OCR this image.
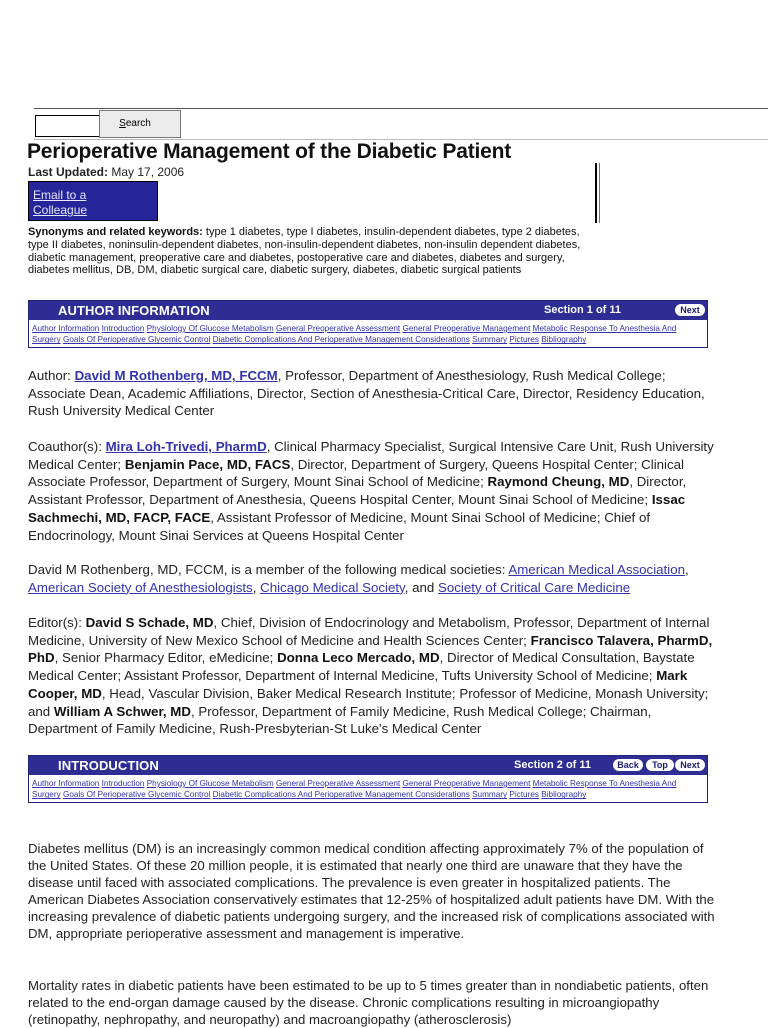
Search
Perioperative Management of the Diabetic Patient
Last Updated: May 17, 2006
Email to a Colleague
Synonyms and related keywords: type 1 diabetes, type I diabetes, insulin-dependent diabetes, type 2 diabetes, type II diabetes, noninsulin-dependent diabetes, non-insulin-dependent diabetes, non-insulin dependent diabetes, diabetic management, preoperative care and diabetes, postoperative care and diabetes, diabetes and surgery, diabetes mellitus, DB, DM, diabetic surgical care, diabetic surgery, diabetes, diabetic surgical patients
AUTHOR INFORMATION	Section 1 of 11	Next
Author Information Introduction Physiology Of Glucose Metabolism General Preoperative Assessment General Preoperative Management Metabolic Response To Anesthesia And Surgery Goals Of Perioperative Glycemic Control Diabetic Complications And Perioperative Management Considerations Summary Pictures Bibliography
Author: David M Rothenberg, MD, FCCM, Professor, Department of Anesthesiology, Rush Medical College; Associate Dean, Academic Affiliations, Director, Section of Anesthesia-Critical Care, Director, Residency Education, Rush University Medical Center
Coauthor(s): Mira Loh-Trivedi, PharmD, Clinical Pharmacy Specialist, Surgical Intensive Care Unit, Rush University Medical Center; Benjamin Pace, MD, FACS, Director, Department of Surgery, Queens Hospital Center; Clinical Associate Professor, Department of Surgery, Mount Sinai School of Medicine; Raymond Cheung, MD, Director, Assistant Professor, Department of Anesthesia, Queens Hospital Center, Mount Sinai School of Medicine; Issac Sachmechi, MD, FACP, FACE, Assistant Professor of Medicine, Mount Sinai School of Medicine; Chief of Endocrinology, Mount Sinai Services at Queens Hospital Center
David M Rothenberg, MD, FCCM, is a member of the following medical societies: American Medical Association, American Society of Anesthesiologists, Chicago Medical Society, and Society of Critical Care Medicine
Editor(s): David S Schade, MD, Chief, Division of Endocrinology and Metabolism, Professor, Department of Internal Medicine, University of New Mexico School of Medicine and Health Sciences Center; Francisco Talavera, PharmD, PhD, Senior Pharmacy Editor, eMedicine; Donna Leco Mercado, MD, Director of Medical Consultation, Baystate Medical Center; Assistant Professor, Department of Internal Medicine, Tufts University School of Medicine; Mark Cooper, MD, Head, Vascular Division, Baker Medical Research Institute; Professor of Medicine, Monash University; and William A Schwer, MD, Professor, Department of Family Medicine, Rush Medical College; Chairman, Department of Family Medicine, Rush-Presbyterian-St Luke's Medical Center
INTRODUCTION	Section 2 of 11	Back	Top	Next
Author Information Introduction Physiology Of Glucose Metabolism General Preoperative Assessment General Preoperative Management Metabolic Response To Anesthesia And Surgery Goals Of Perioperative Glycemic Control Diabetic Complications And Perioperative Management Considerations Summary Pictures Bibliography
Diabetes mellitus (DM) is an increasingly common medical condition affecting approximately 7% of the population of the United States. Of these 20 million people, it is estimated that nearly one third are unaware that they have the disease until faced with associated complications. The prevalence is even greater in hospitalized patients. The American Diabetes Association conservatively estimates that 12-25% of hospitalized adult patients have DM. With the increasing prevalence of diabetic patients undergoing surgery, and the increased risk of complications associated with DM, appropriate perioperative assessment and management is imperative.
Mortality rates in diabetic patients have been estimated to be up to 5 times greater than in nondiabetic patients, often related to the end-organ damage caused by the disease. Chronic complications resulting in microangiopathy (retinopathy, nephropathy, and neuropathy) and macroangiopathy (atherosclerosis)
